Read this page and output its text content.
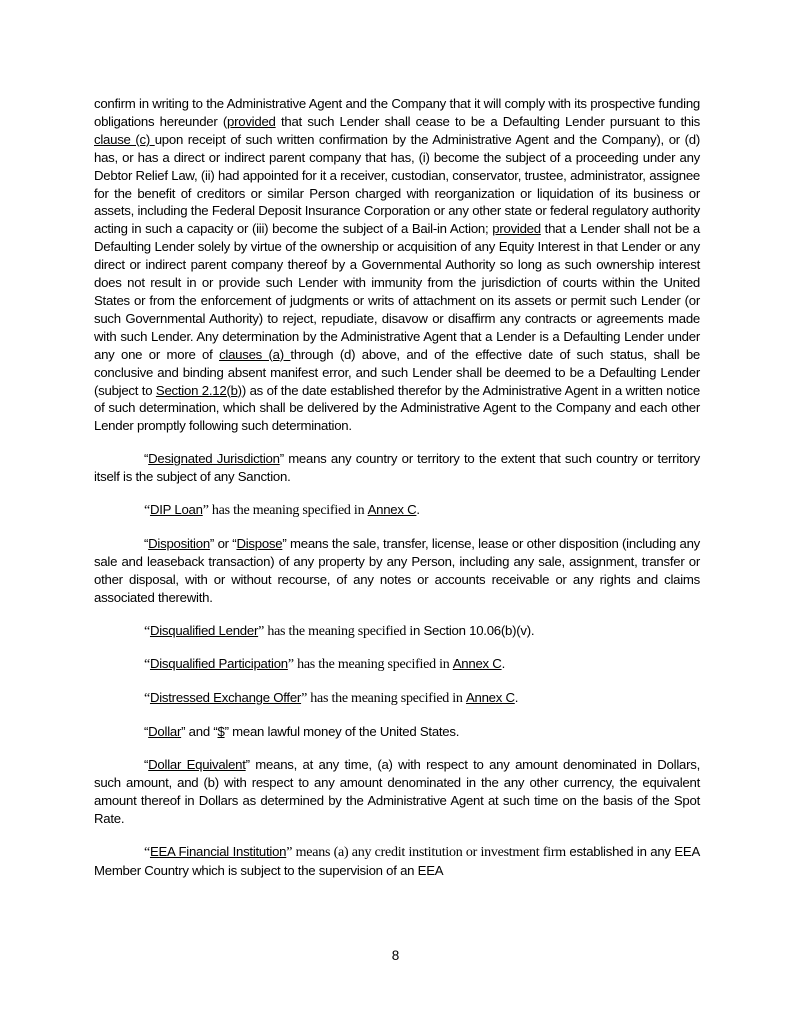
confirm in writing to the Administrative Agent and the Company that it will comply with its prospective funding obligations hereunder (provided that such Lender shall cease to be a Defaulting Lender pursuant to this clause (c) upon receipt of such written confirmation by the Administrative Agent and the Company), or (d) has, or has a direct or indirect parent company that has, (i) become the subject of a proceeding under any Debtor Relief Law, (ii) had appointed for it a receiver, custodian, conservator, trustee, administrator, assignee for the benefit of creditors or similar Person charged with reorganization or liquidation of its business or assets, including the Federal Deposit Insurance Corporation or any other state or federal regulatory authority acting in such a capacity or (iii) become the subject of a Bail-in Action; provided that a Lender shall not be a Defaulting Lender solely by virtue of the ownership or acquisition of any Equity Interest in that Lender or any direct or indirect parent company thereof by a Governmental Authority so long as such ownership interest does not result in or provide such Lender with immunity from the jurisdiction of courts within the United States or from the enforcement of judgments or writs of attachment on its assets or permit such Lender (or such Governmental Authority) to reject, repudiate, disavow or disaffirm any contracts or agreements made with such Lender. Any determination by the Administrative Agent that a Lender is a Defaulting Lender under any one or more of clauses (a) through (d) above, and of the effective date of such status, shall be conclusive and binding absent manifest error, and such Lender shall be deemed to be a Defaulting Lender (subject to Section 2.12(b)) as of the date established therefor by the Administrative Agent in a written notice of such determination, which shall be delivered by the Administrative Agent to the Company and each other Lender promptly following such determination.

“Designated Jurisdiction” means any country or territory to the extent that such country or territory itself is the subject of any Sanction.

“DIP Loan” has the meaning specified in Annex C.

“Disposition” or “Dispose” means the sale, transfer, license, lease or other disposition (including any sale and leaseback transaction) of any property by any Person, including any sale, assignment, transfer or other disposal, with or without recourse, of any notes or accounts receivable or any rights and claims associated therewith.

“Disqualified Lender” has the meaning specified in Section 10.06(b)(v).

“Disqualified Participation” has the meaning specified in Annex C.

“Distressed Exchange Offer” has the meaning specified in Annex C.

“Dollar” and “$” mean lawful money of the United States.

“Dollar Equivalent” means, at any time, (a) with respect to any amount denominated in Dollars, such amount, and (b) with respect to any amount denominated in the any other currency, the equivalent amount thereof in Dollars as determined by the Administrative Agent at such time on the basis of the Spot Rate.

“EEA Financial Institution” means (a) any credit institution or investment firm established in any EEA Member Country which is subject to the supervision of an EEA

8
